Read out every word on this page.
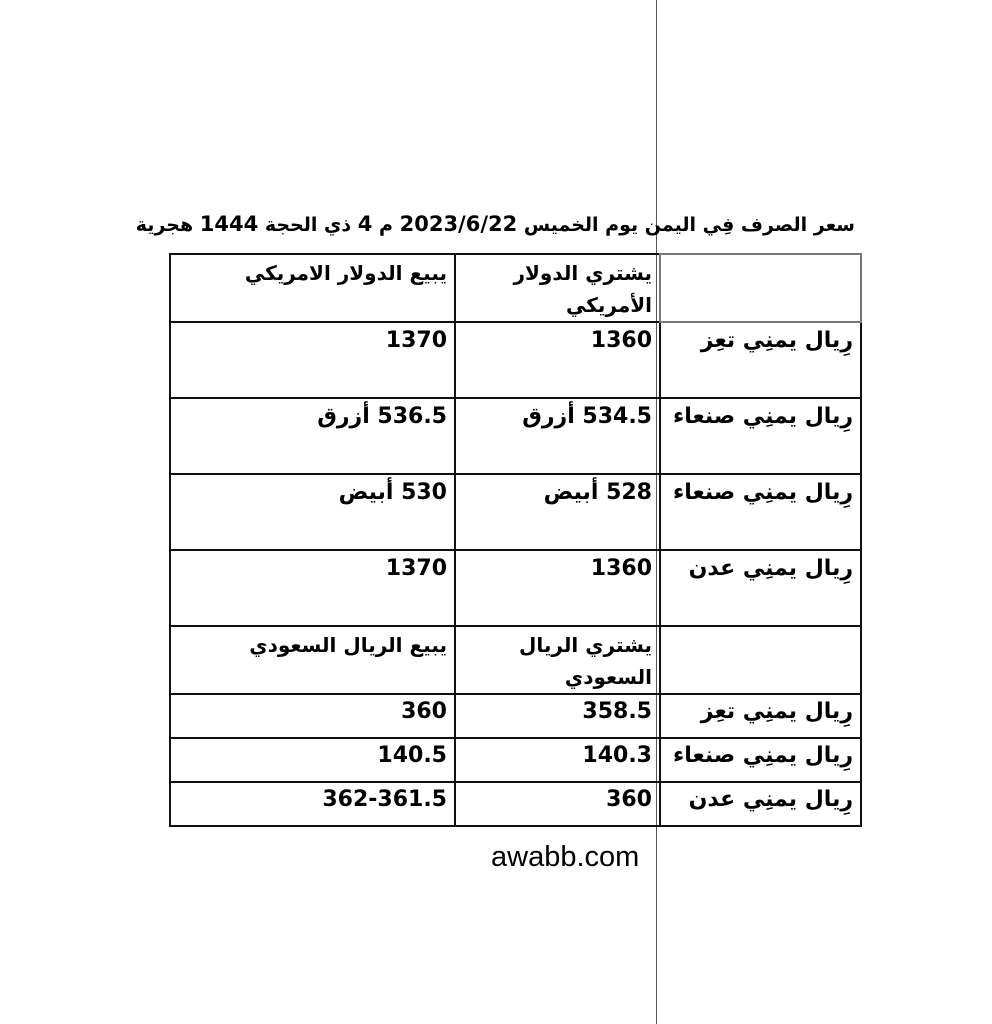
سعر الصرف فِي اليمن يوم الخميس 2023/6/22 م 4 ذي الحجة 1444 هجرية
	يشتري الدولار الأمريكي	يبيع الدولار الامريكي
رِيال يمنِي تعِز	1360	1370
رِيال يمنِي صنعاء	534.5 أزرق	536.5 أزرق
رِيال يمنِي صنعاء	528 أبيض	530 أبيض
رِيال يمنِي عدن	1360	1370
	يشتري الريال السعودي	يبيع الريال السعودي
رِيال يمنِي تعِز	358.5	360
رِيال يمنِي صنعاء	140.3	140.5
رِيال يمنِي عدن	360	362-361.5
awabb.com
